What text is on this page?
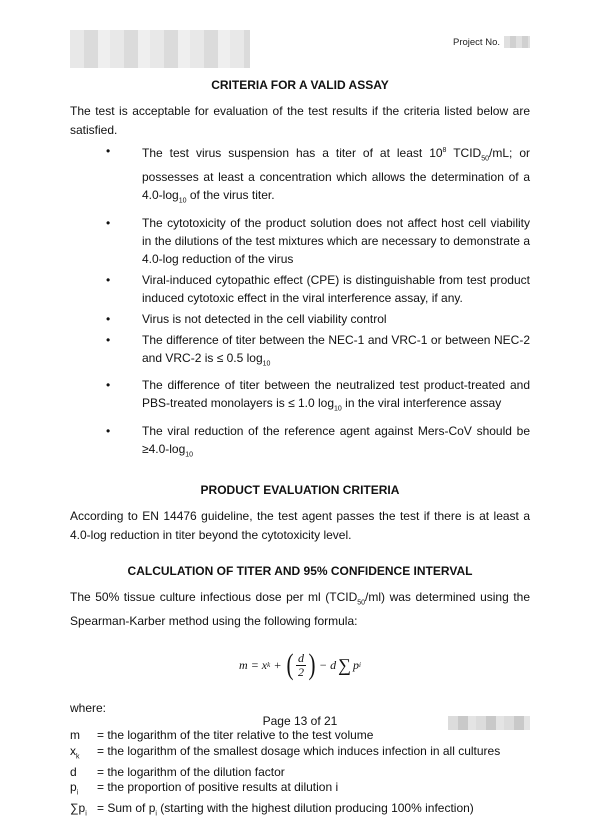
Project No.
CRITERIA FOR A VALID ASSAY

The test is acceptable for evaluation of the test results if the criteria listed below are satisfied.

•	The test virus suspension has a titer of at least $10^8$ $TCID_{50}/mL$; or possesses at least a concentration which allows the determination of a $4.0-\log_{10}$ of the virus titer.
•	The cytotoxicity of the product solution does not affect host cell viability in the dilutions of the test mixtures which are necessary to demonstrate a 4.0-log reduction of the virus
•	Viral-induced cytopathic effect (CPE) is distinguishable from test product induced cytotoxic effect in the viral interference assay, if any.
•	Virus is not detected in the cell viability control
•	The difference of titer between the NEC-1 and VRC-1 or between NEC-2 and VRC-2 is ≤ 0.5 $\log_{10}$
•	The difference of titer between the neutralized test product-treated and PBS-treated monolayers is ≤ 1.0 $\log_{10}$ in the viral interference assay
•	The viral reduction of the reference agent against Mers-CoV should be $\ge 4.0-\log_{10}$
PRODUCT EVALUATION CRITERIA

According to EN 14476 guideline, the test agent passes the test if there is at least a 4.0-log reduction in titer beyond the cytotoxicity level.

CALCULATION OF TITER AND 95% CONFIDENCE INTERVAL

The 50% tissue culture infectious dose per ml $(TCID_{50}/ml)$ was determined using the Spearman-Karber method using the following formula:

m = x k + ( $\frac{d}{2}$ ) − d ∑ p i

where:

m	= the logarithm of the titer relative to the test volume
$x_k$	= the logarithm of the smallest dosage which induces infection in all cultures
d	= the logarithm of the dilution factor
$p_i$	= the proportion of positive results at dilution i
$\sum p_i$ = Sum of $p_i$ (starting with the highest dilution producing 100% infection)
Page 13 of 21
